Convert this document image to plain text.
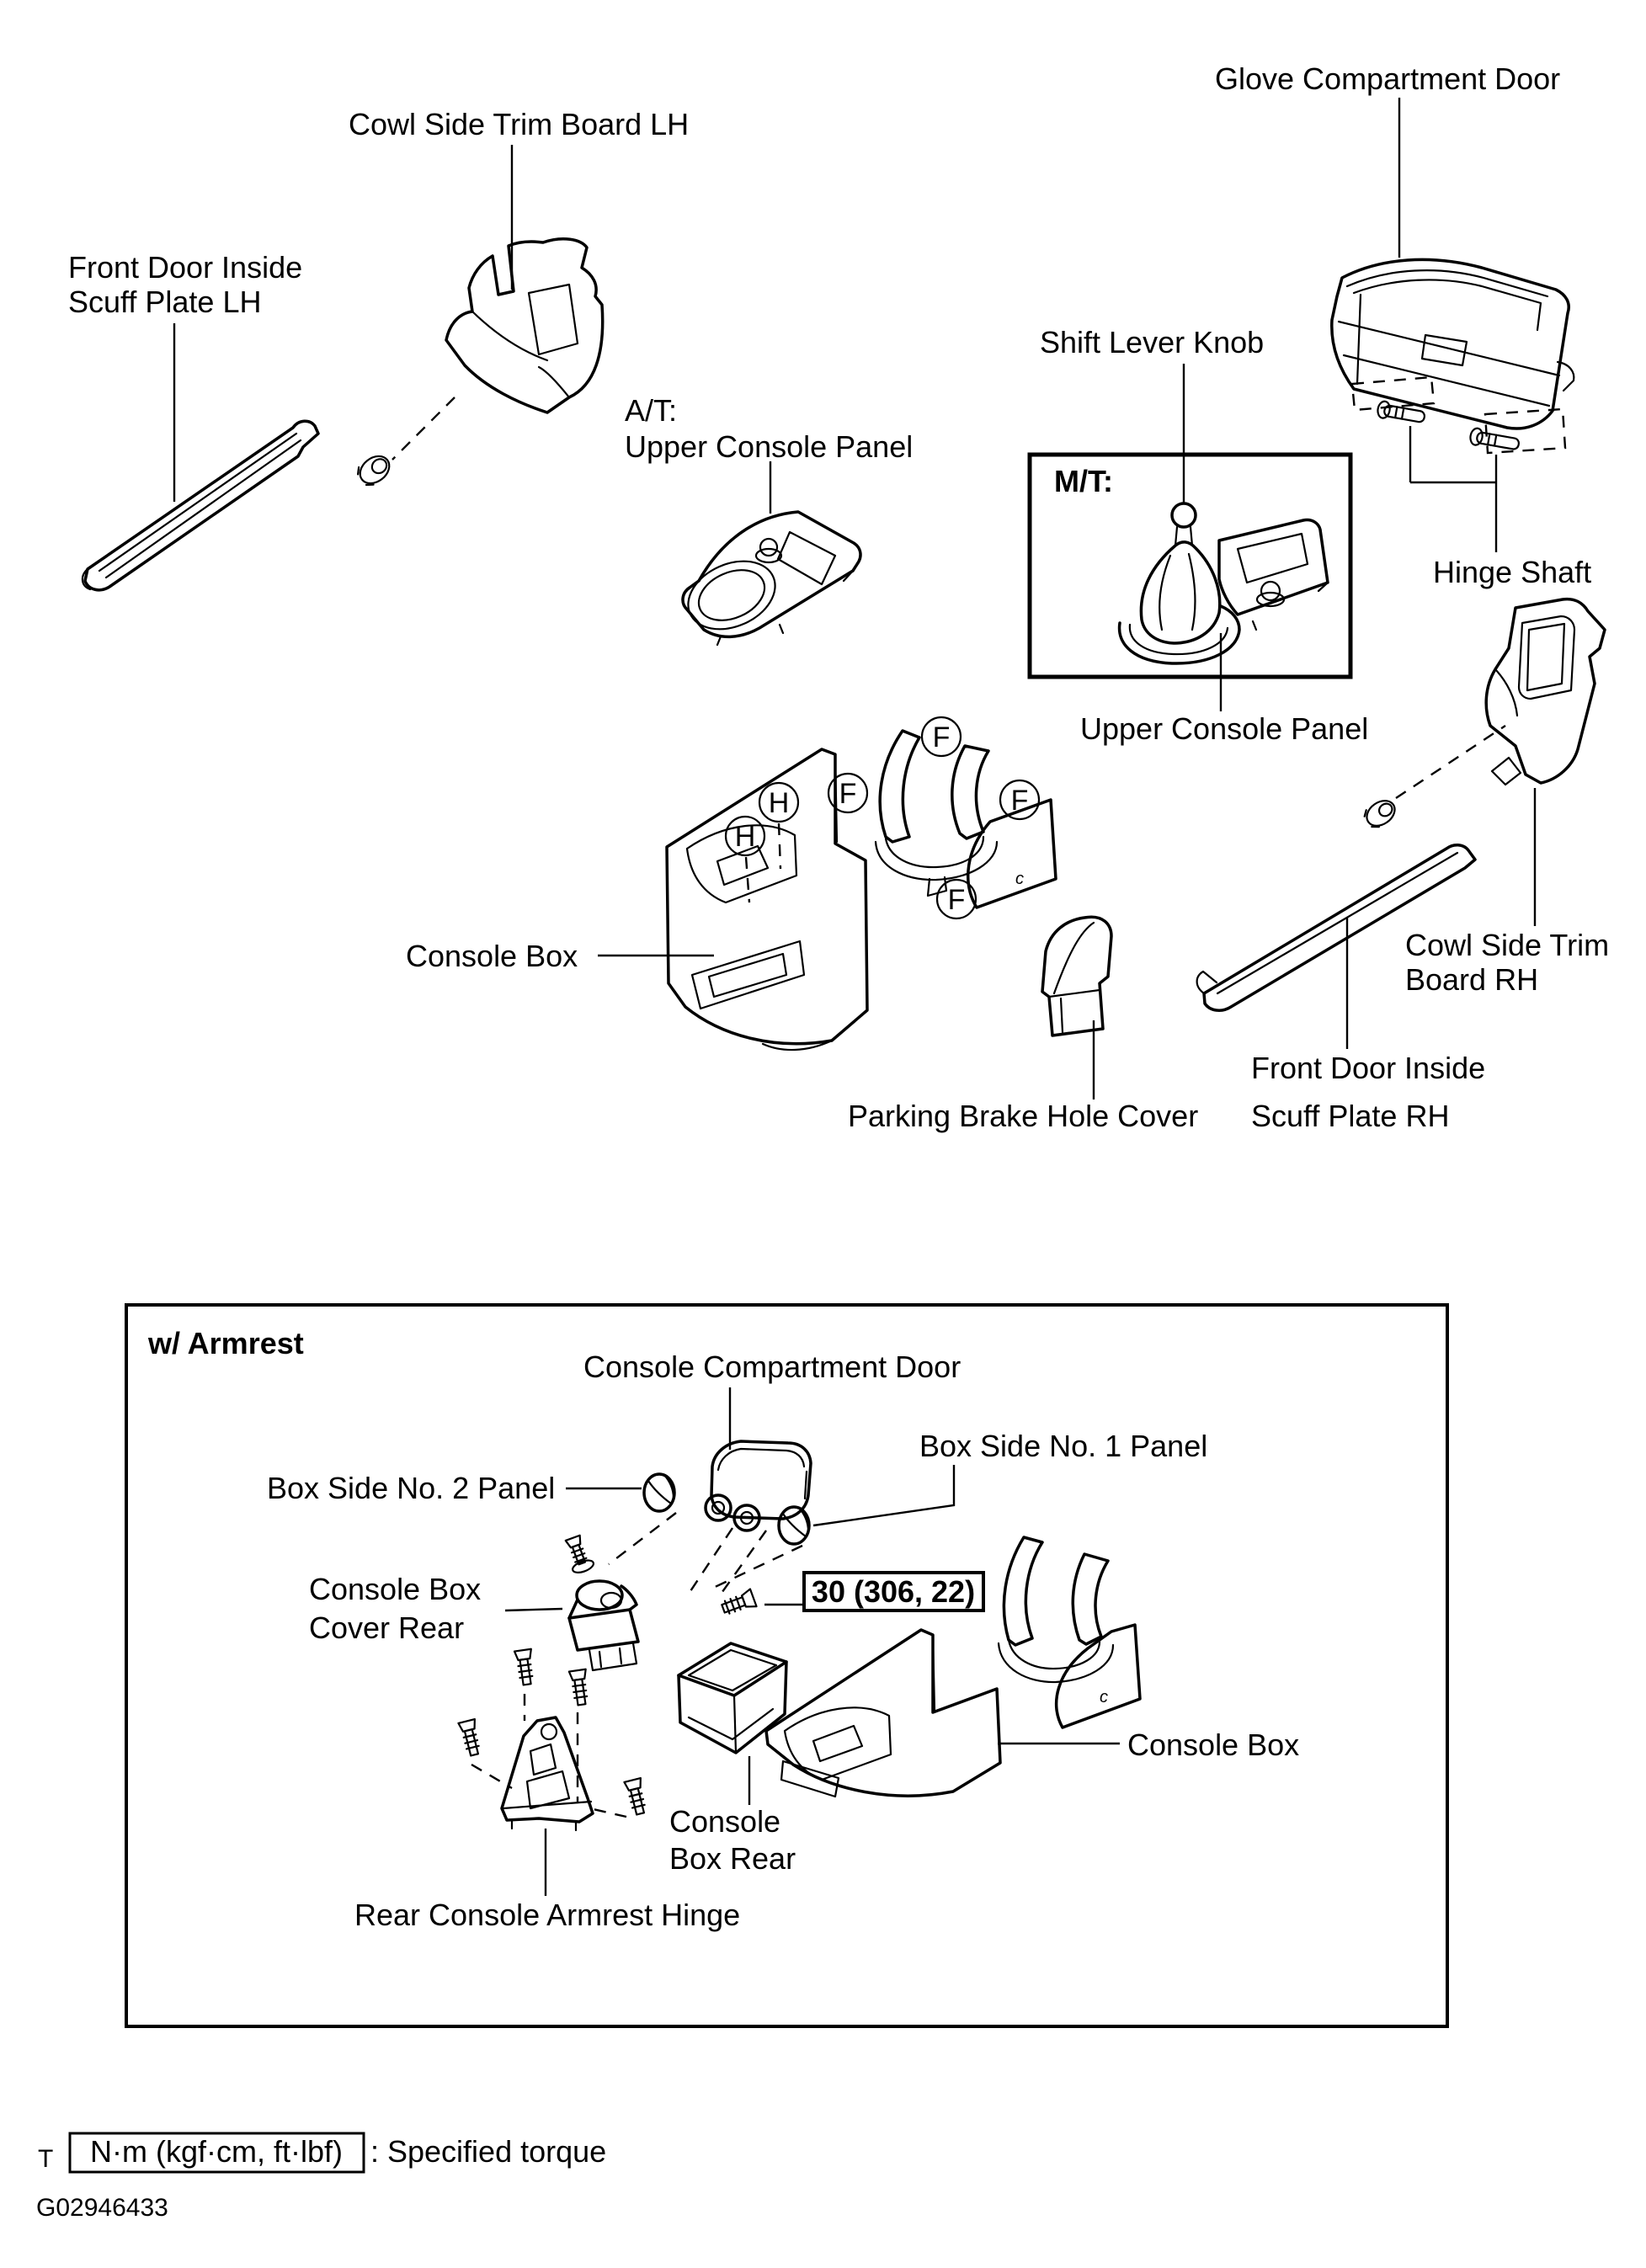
M/T:
c
F
F	F
F
H
H
Cowl Side Trim Board LH
Glove Compartment Door
Front Door Inside
Scuff Plate LH
A/T:
Upper Console Panel
Shift Lever Knob
Upper Console Panel
Hinge Shaft
Console Box
Parking Brake Hole Cover
Cowl Side Trim
Board RH
Front Door Inside
Scuff Plate RH
w/ Armrest
30 (306, 22)
c
Console Compartment Door
Box Side No. 2 Panel
Box Side No. 1 Panel
Console Box
Cover Rear
Console Box
Console
Box Rear
Rear Console Armrest Hinge
T N·m (kgf·cm, ft·lbf) : Specified torque
G02946433
